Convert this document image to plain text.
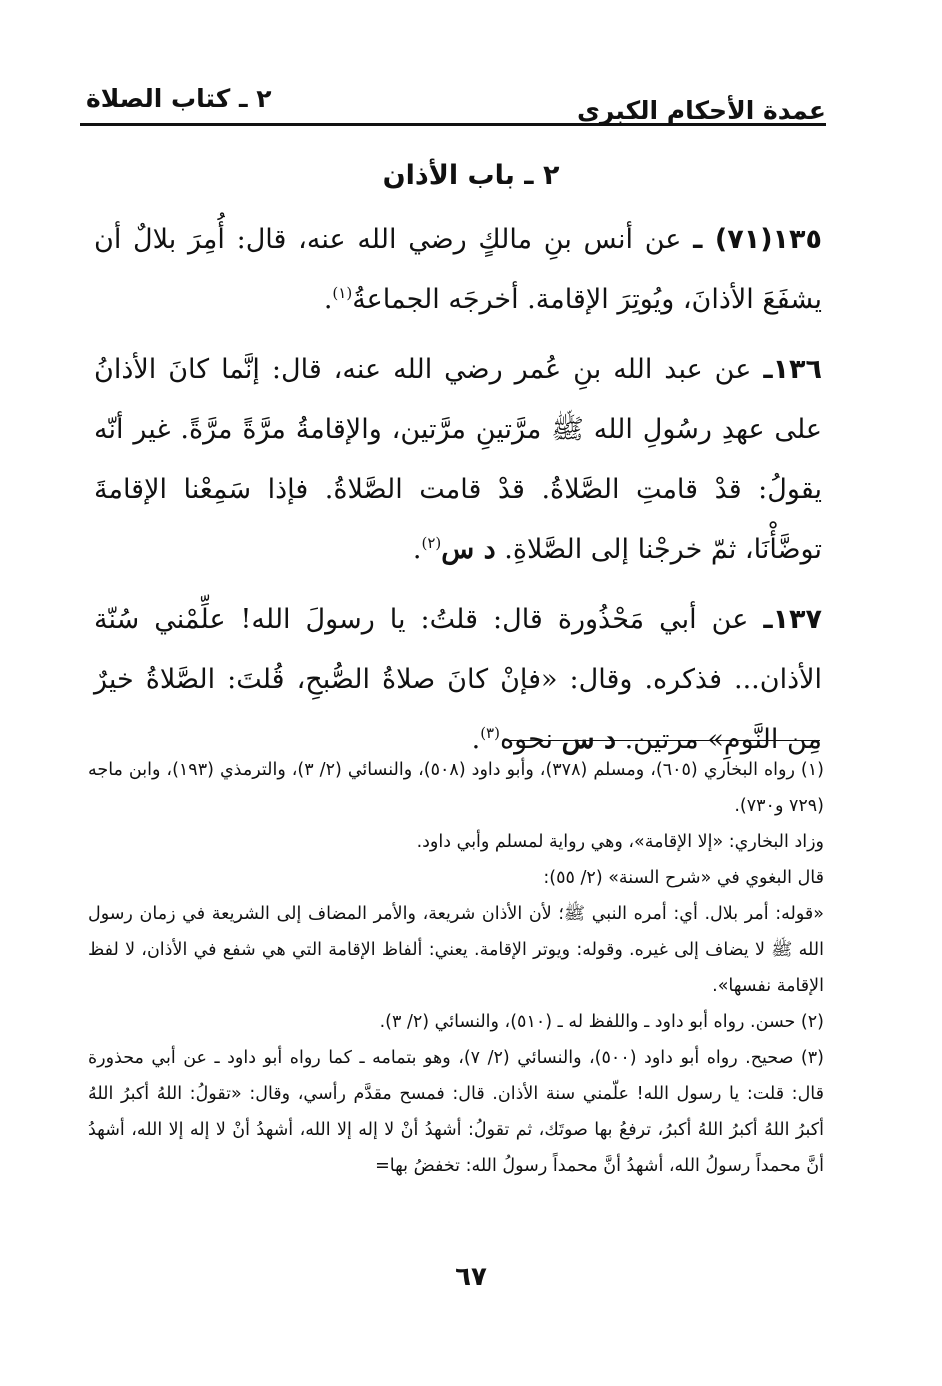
عمدة الأحكام الكبرى
٢ ـ كتاب الصلاة
٢ ـ باب الأذان

١٣٥(٧١) ـ عن أنس بنِ مالكٍ رضي الله عنه، قال: أُمِرَ بلالٌ أن يشفَعَ الأذانَ، ويُوتِرَ الإقامة. أخرجَه الجماعةُ$^{(١)}$.

١٣٦ـ عن عبد الله بنِ عُمر رضي الله عنه، قال: إنَّما كانَ الأذانُ على عهدِ رسُولِ الله ﷺ مرَّتينِ مرَّتين، والإقامةُ مرَّةً مرَّةً. غير أنّه يقولُ: قدْ قامتِ الصَّلاةُ. قدْ قامت الصَّلاةُ. فإذا سَمِعْنا الإقامةَ توضَّأْنَا، ثمّ خرجْنا إلى الصَّلاةِ. د س$^{(٢)}$.

١٣٧ـ عن أبي مَحْذُورة قال: قلتُ: يا رسولَ الله! علِّمْني سُنّة الأذان... فذكره. وقال: «فإنْ كانَ صلاةُ الصُّبحِ، قُلتَ: الصَّلاةُ خيرٌ مِن النَّومِ» مرتين. د س نحوه$^{(٣)}$.

(١) رواه البخاري (٦٠٥)، ومسلم (٣٧٨)، وأبو داود (٥٠٨)، والنسائي (٢/ ٣)، والترمذي (١٩٣)، وابن ماجه (٧٢٩ و٧٣٠).

وزاد البخاري: «إلا الإقامة»، وهي رواية لمسلم وأبي داود.

قال البغوي في «شرح السنة» (٢/ ٥٥):

«قوله: أمر بلال. أي: أمره النبي ﷺ؛ لأن الأذان شريعة، والأمر المضاف إلى الشريعة في زمان رسول الله ﷺ لا يضاف إلى غيره. وقوله: ويوتر الإقامة. يعني: ألفاظ الإقامة التي هي شفع في الأذان، لا لفظ الإقامة نفسها».

(٢) حسن. رواه أبو داود ـ واللفظ له ـ (٥١٠)، والنسائي (٢/ ٣).

(٣) صحيح. رواه أبو داود (٥٠٠)، والنسائي (٢/ ٧)، وهو بتمامه ـ كما رواه أبو داود ـ عن أبي محذورة قال: قلت: يا رسول الله! علّمني سنة الأذان. قال: فمسح مقدَّم رأسي، وقال: «تقولُ: اللهُ أكبرُ اللهُ أكبرُ اللهُ أكبرُ اللهُ أكبرُ، ترفعُ بها صوتَك، ثم تقولُ: أشهدُ أنْ لا إله إلا الله، أشهدُ أنْ لا إله إلا الله، أشهدُ أنَّ محمداً رسولُ الله، أشهدُ أنَّ محمداً رسولُ الله: تخفضُ بها=

٦٧
